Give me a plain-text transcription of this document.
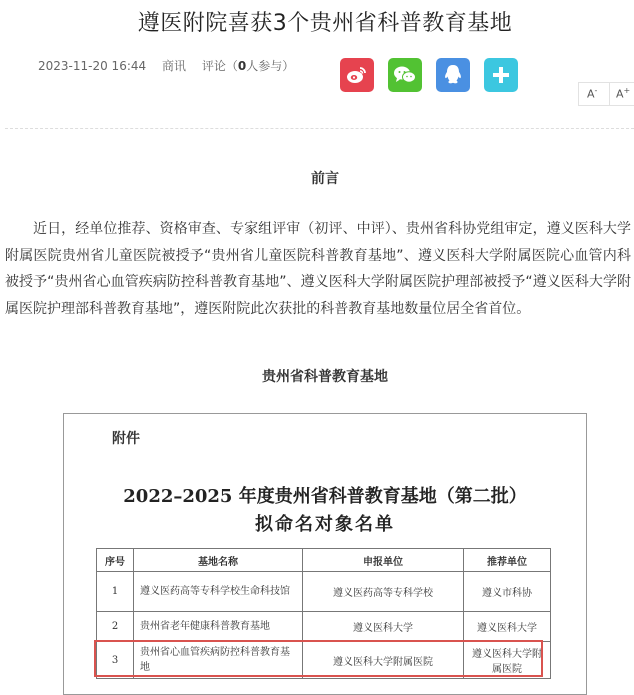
遵医附院喜获3个贵州省科普教育基地
2023-11-20 16:44 商讯 评论（0人参与）
A- A+
前言

近日，经单位推荐、资格审查、专家组评审（初评、中评）、贵州省科协党组审定，遵义医科大学附属医院贵州省儿童医院被授予“贵州省儿童医院科普教育基地”、遵义医科大学附属医院心血管内科被授予“贵州省心血管疾病防控科普教育基地”、遵义医科大学附属医院护理部被授予“遵义医科大学附属医院护理部科普教育基地”，遵医附院此次获批的科普教育基地数量位居全省首位。

贵州省科普教育基地
附件
2022–2025 年度贵州省科普教育基地（第二批）
拟命名对象名单
序号	基地名称	申报单位	推荐单位
1	遵义医药高等专科学校生命科技馆	遵义医药高等专科学校	遵义市科协
2	贵州省老年健康科普教育基地	遵义医科大学	遵义医科大学
3	贵州省心血管疾病防控科普教育基地	遵义医科大学附属医院	遵义医科大学附属医院
